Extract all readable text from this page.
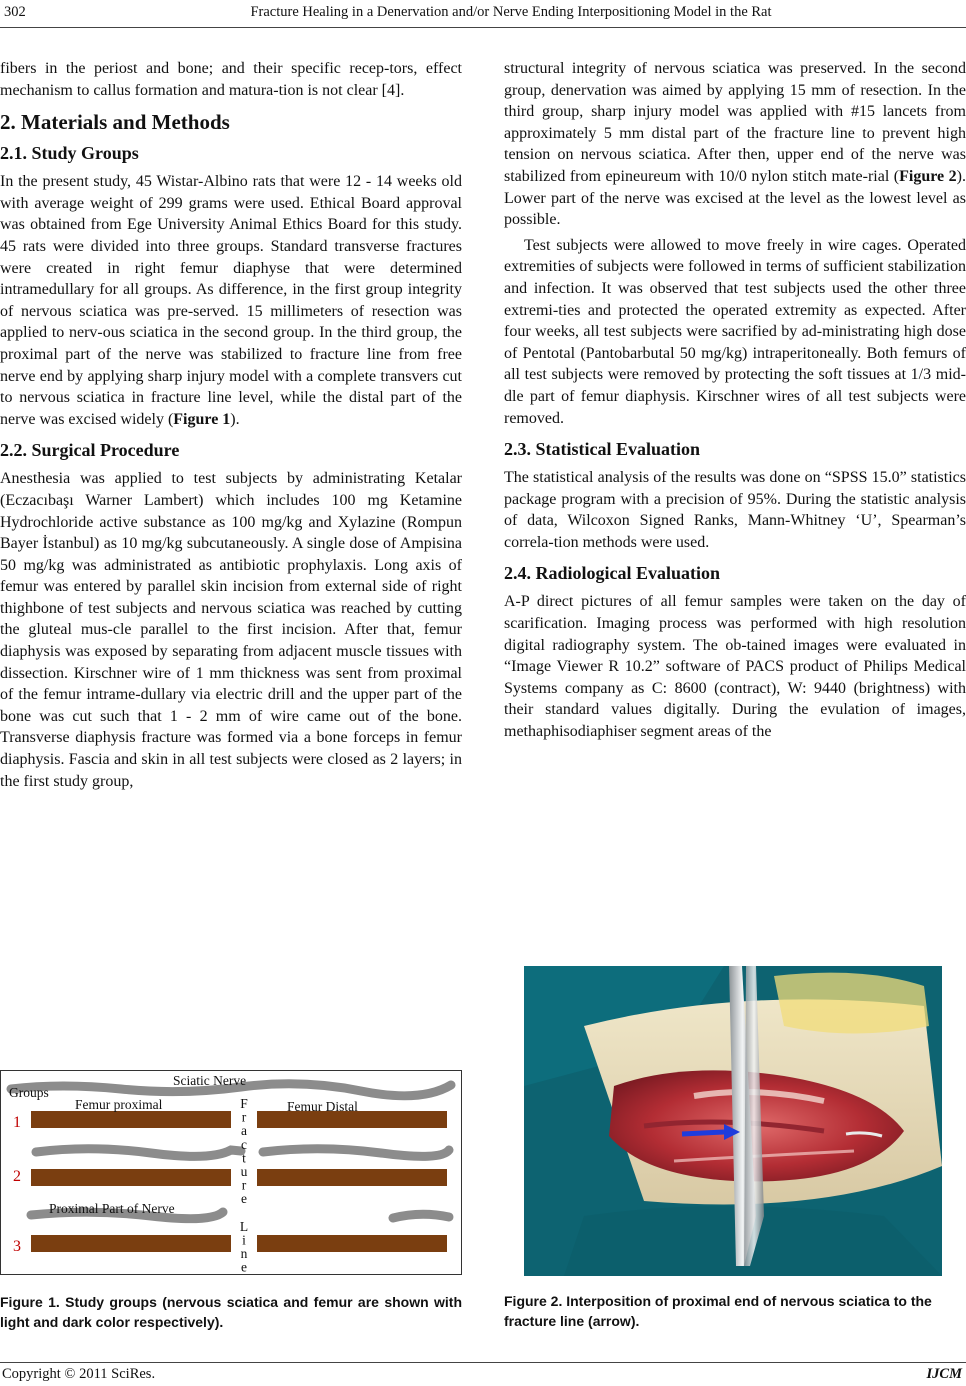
302	Fracture Healing in a Denervation and/or Nerve Ending Interpositioning Model in the Rat

fibers in the periost and bone; and their specific recep-tors, effect mechanism to callus formation and matura-tion is not clear [4].

2. Materials and Methods
2.1. Study Groups

In the present study, 45 Wistar-Albino rats that were 12 - 14 weeks old with average weight of 299 grams were used. Ethical Board approval was obtained from Ege University Animal Ethics Board for this study. 45 rats were divided into three groups. Standard transverse fractures were created in right femur diaphyse that were determined intramedullary for all groups. As difference, in the first group integrity of nervous sciatica was pre-served. 15 millimeters of resection was applied to nerv-ous sciatica in the second group. In the third group, the proximal part of the nerve was stabilized to fracture line from free nerve end by applying sharp injury model with a complete transvers cut to nervous sciatica in fracture line level, while the distal part of the nerve was excised widely (Figure 1).

2.2. Surgical Procedure

Anesthesia was applied to test subjects by administrating Ketalar (Eczacıbaşı Warner Lambert) which includes 100 mg Ketamine Hydrochloride active substance as 100 mg/kg and Xylazine (Rompun Bayer İstanbul) as 10 mg/kg subcutaneously. A single dose of Ampisina 50 mg/kg was administrated as antibiotic prophylaxis. Long axis of femur was entered by parallel skin incision from external side of right thighbone of test subjects and nervous sciatica was reached by cutting the gluteal mus-cle parallel to the first incision. After that, femur diaphysis was exposed by separating from adjacent muscle tissues with dissection. Kirschner wire of 1 mm thickness was sent from proximal of the femur intrame-dullary via electric drill and the upper part of the bone was cut such that 1 - 2 mm of wire came out of the bone. Transverse diaphysis fracture was formed via a bone forceps in femur diaphysis. Fascia and skin in all test subjects were closed as 2 layers; in the first study group,

Groups
Sciatic Nerve
Femur proximal	Femur Distal
Proximal Part of Nerve
1
2
3
F
r
a
c
t
u
r
e
L
i
n
e
Figure 1. Study groups (nervous sciatica and femur are shown with light and dark color respectively).

structural integrity of nervous sciatica was preserved. In the second group, denervation was aimed by applying 15 mm of resection. In the third group, sharp injury model was applied with #15 lancets from approximately 5 mm distal part of the fracture line to prevent high tension on nervous sciatica. After then, upper end of the nerve was stabilized from epineureum with 10/0 nylon stitch mate-rial (Figure 2). Lower part of the nerve was excised at the level as the lowest level as possible.

Test subjects were allowed to move freely in wire cages. Operated extremities of subjects were followed in terms of sufficient stabilization and infection. It was observed that test subjects used the other three extremi-ties and protected the operated extremity as expected. After four weeks, all test subjects were sacrified by ad-ministrating high dose of Pentotal (Pantobarbutal 50 mg/kg) intraperitoneally. Both femurs of all test subjects were removed by protecting the soft tissues at 1/3 mid-dle part of femur diaphysis. Kirschner wires of all test subjects were removed.

2.3. Statistical Evaluation

The statistical analysis of the results was done on “SPSS 15.0” statistics package program with a precision of 95%. During the statistic analysis of data, Wilcoxon Signed Ranks, Mann-Whitney ‘U’, Spearman’s correla-tion methods were used.

2.4. Radiological Evaluation

A-P direct pictures of all femur samples were taken on the day of scarification. Imaging process was performed with high resolution digital radiography system. The ob-tained images were evaluated in “Image Viewer R 10.2” software of PACS product of Philips Medical Systems company as C: 8600 (contract), W: 9440 (brightness) with their standard values digitally. During the evulation of images, methaphisodiaphiser segment areas of the

Figure 2. Interposition of proximal end of nervous sciatica to the fracture line (arrow).
Copyright © 2011 SciRes.	IJCM
